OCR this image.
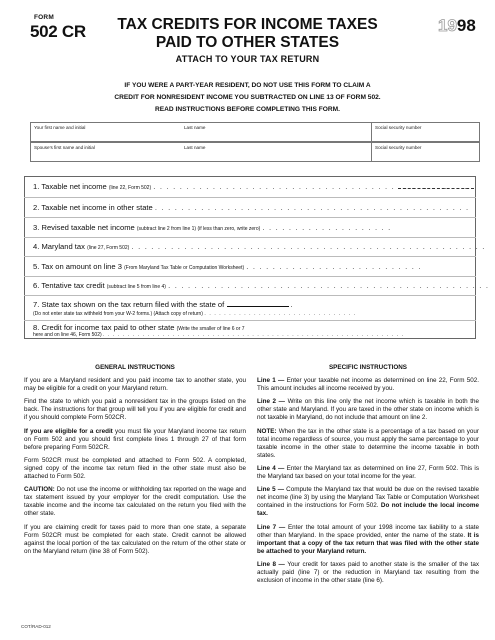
FORM
502 CR	TAX CREDITS FOR INCOME TAXES
PAID TO OTHER STATES
ATTACH TO YOUR TAX RETURN
1998
IF YOU WERE A PART-YEAR RESIDENT, DO NOT USE THIS FORM TO CLAIM A
CREDIT FOR NONRESIDENT INCOME YOU SUBTRACTED ON LINE 13 OF FORM 502.
READ INSTRUCTIONS BEFORE COMPLETING THIS FORM.
Your first name and initial	Last name	Social security number
Spouse's first name and initial	Last name	Social security number
1. Taxable net income (line 22, Form 502) . . . . . . . . . . . . . . . . . . . . . . . . . . . . . . . . . . . . . . . . . . . . . . . . .
2. Taxable net income in other state . . . . . . . . . . . . . . . . . . . . . . . . . . . . . . . . . . . . . . . . . . . . . . . .
3. Revised taxable net income (subtract line 2 from line 1) (if less than zero, write zero) . . . . . . . . . . . . . . . . . . . .
4. Maryland tax (line 27, Form 502) . . . . . . . . . . . . . . . . . . . . . . . . . . . . . . . . . . . . . . . . . . . . . . . . . . . . . .
5. Tax on amount on line 3 (From Maryland Tax Table or Computation Worksheet) . . . . . . . . . . . . . . . . . . . . . . . . . . .
6. Tentative tax credit (subtract line 5 from line 4) . . . . . . . . . . . . . . . . . . . . . . . . . . . . . . . . . . . . . . . . . . . . . . . . .
7. State tax shown on the tax return filed with the state of	.
(Do not enter state tax withheld from your W-2 forms.) (Attach copy of return) . . . . . . . . . . . . . . . . . . . . . . . . . . . . . . .
8. Credit for income tax paid to other state (Write the smaller of line 6 or 7
here and on line 46, Form 502) . . . . . . . . . . . . . . . . . . . . . . . . . . . . . . . . . . . . . . . . . . . . . . . . . . . . . . . . . . . . .
GENERAL INSTRUCTIONS

If you are a Maryland resident and you paid income tax to another state, you may be eligible for a credit on your Maryland return.

Find the state to which you paid a nonresident tax in the groups listed on the back. The instructions for that group will tell you if you are eligible for credit and if you should complete Form 502CR.

If you are eligible for a credit you must file your Maryland income tax return on Form 502 and you should first complete lines 1 through 27 of that form before preparing Form 502CR.

Form 502CR must be completed and attached to Form 502. A completed, signed copy of the income tax return filed in the other state must also be attached to Form 502.

CAUTION: Do not use the income or withholding tax reported on the wage and tax statement issued by your employer for the credit computation. Use the taxable income and the income tax calculated on the return you filed with the other state.

If you are claiming credit for taxes paid to more than one state, a separate Form 502CR must be completed for each state. Credit cannot be allowed against the local portion of the tax calculated on the return of the other state or on the Maryland return (line 38 of Form 502).

SPECIFIC INSTRUCTIONS

Line 1 — Enter your taxable net income as determined on line 22, Form 502. This amount includes all income received by you.

Line 2 — Write on this line only the net income which is taxable in both the other state and Maryland. If you are taxed in the other state on income which is not taxable in Maryland, do not include that amount on line 2.

NOTE: When the tax in the other state is a percentage of a tax based on your total income regardless of source, you must apply the same percentage to your taxable income in the other state to determine the income taxable in both states.

Line 4 — Enter the Maryland tax as determined on line 27, Form 502. This is the Maryland tax based on your total income for the year.

Line 5 — Compute the Maryland tax that would be due on the revised taxable net income (line 3) by using the Maryland Tax Table or Computation Worksheet contained in the instructions for Form 502. Do not include the local income tax.

Line 7 — Enter the total amount of your 1998 income tax liability to a state other than Maryland. In the space provided, enter the name of the state. It is important that a copy of the tax return that was filed with the other state be attached to your Maryland return.

Line 8 — Your credit for taxes paid to another state is the smaller of the tax actually paid (line 7) or the reduction in Maryland tax resulting from the exclusion of income in the other state (line 6).

COT/RAD-012
